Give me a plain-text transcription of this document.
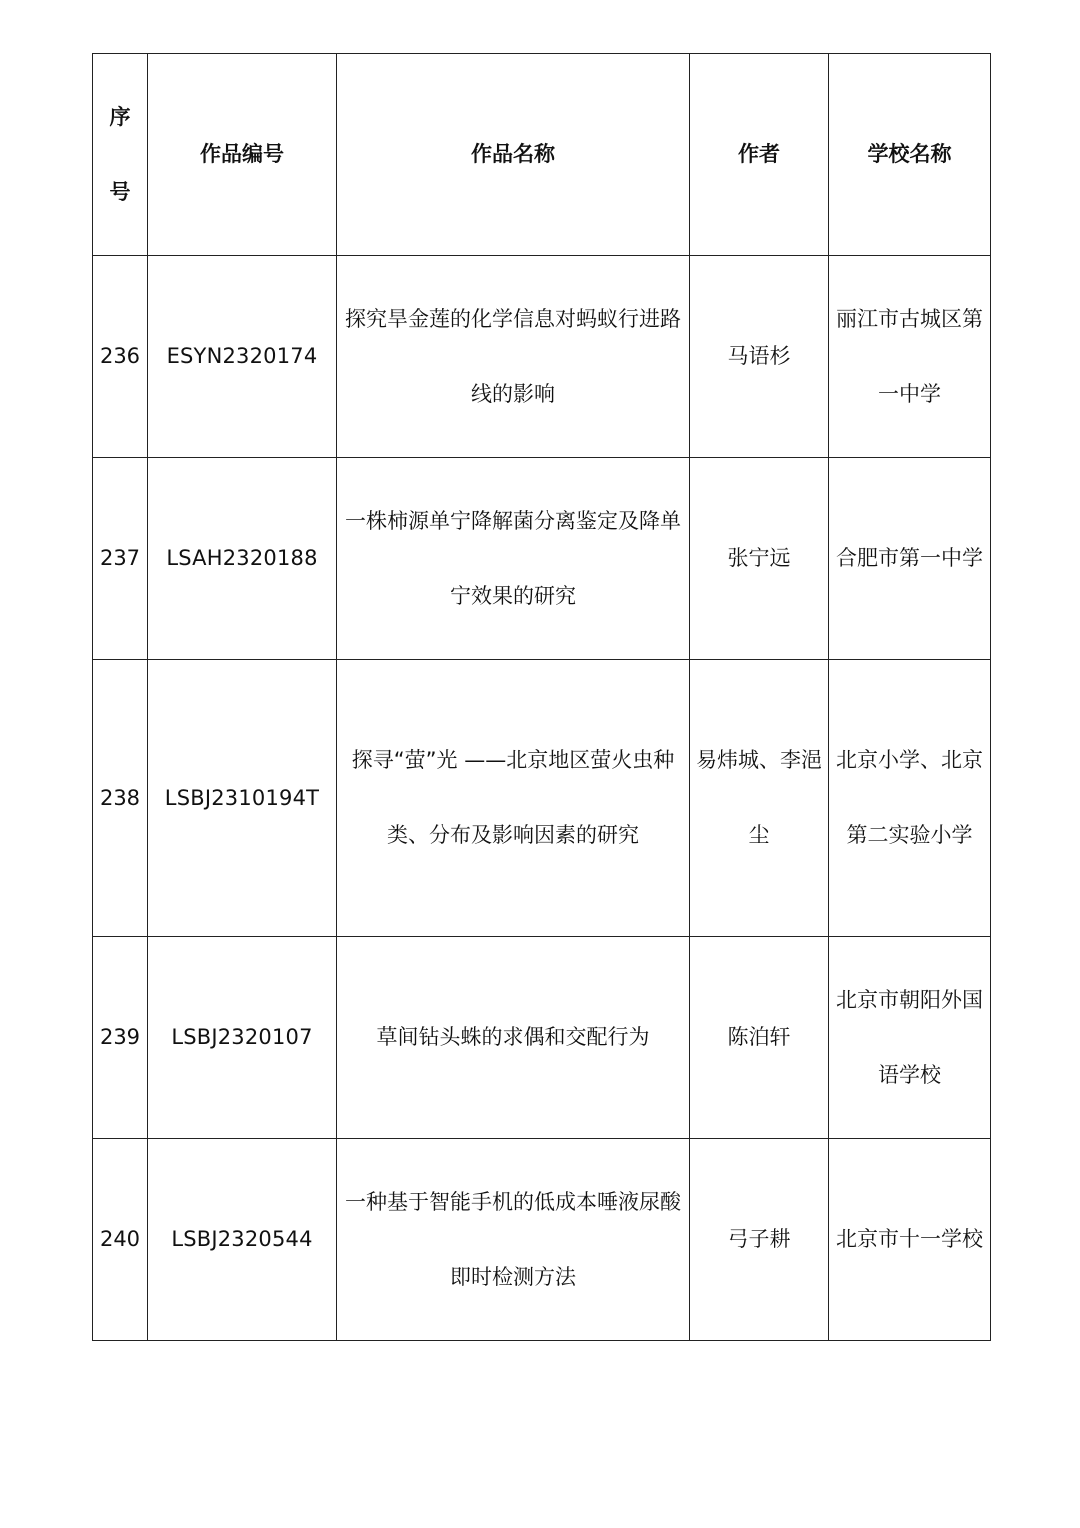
序号	作品编号	作品名称	作者	学校名称
236	ESYN2320174	探究旱金莲的化学信息对蚂蚁行进路线的影响	马语杉	丽江市古城区第一中学
237	LSAH2320188	一株柿源单宁降解菌分离鉴定及降单宁效果的研究	张宁远	合肥市第一中学
238	LSBJ2310194T	探寻“萤”光 ——北京地区萤火虫种类、分布及影响因素的研究	易炜城、李浥尘	北京小学、北京第二实验小学
239	LSBJ2320107	草间钻头蛛的求偶和交配行为	陈泊轩	北京市朝阳外国语学校
240	LSBJ2320544	一种基于智能手机的低成本唾液尿酸即时检测方法	弓子耕	北京市十一学校
